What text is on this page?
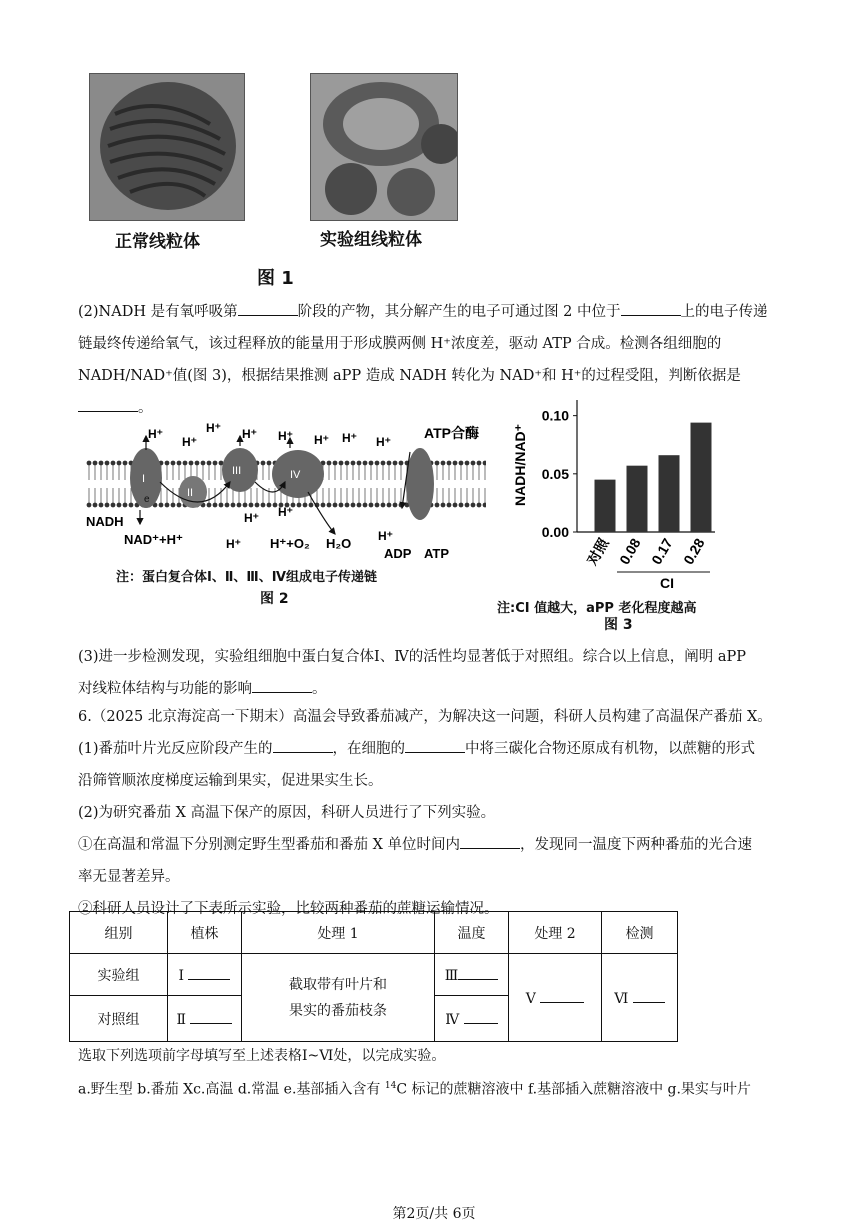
正常线粒体	实验组线粒体
图 1
(2)NADH 是有氧呼吸第	阶段的产物，其分解产生的电子可通过图 2 中位于	上的电子传递
链最终传递给氧气，该过程释放的能量用于形成膜两侧 H⁺浓度差，驱动 ATP 合成。检测各组细胞的
NADH/NAD⁺值(图 3)，根据结果推测 aPP 造成 NADH 转化为 NAD⁺和 H⁺的过程受阻，判断依据是。
I
II
III	IV
e
H⁺
H⁺
H⁺ H⁺ H⁺ H⁺ H⁺ H⁺
H⁺ H⁺
H⁺
H⁺
ATP合酶
NADH
NAD⁺+H⁺	H⁺+O₂ H₂O
ADP ATP
注：蛋白复合体Ⅰ、Ⅱ、Ⅲ、Ⅳ组成电子传递链
图 2
0.00
0.05
0.10
对照 0.08 0.17 0.28
NADH/NAD⁺
CI
注:CI 值越大，aPP 老化程度越高
图 3
(3)进一步检测发现，实验组细胞中蛋白复合体Ⅰ、Ⅳ的活性均显著低于对照组。综合以上信息，阐明 aPP
对线粒体结构与功能的影响	。
6.（2025 北京海淀高一下期末）高温会导致番茄减产，为解决这一问题，科研人员构建了高温保产番茄 X。
(1)番茄叶片光反应阶段产生的	，在细胞的	中将三碳化合物还原成有机物，以蔗糖的形式
沿筛管顺浓度梯度运输到果实，促进果实生长。
(2)为研究番茄 X 高温下保产的原因，科研人员进行了下列实验。
①在高温和常温下分别测定野生型番茄和番茄 X 单位时间内	，发现同一温度下两种番茄的光合速
率无显著差异。
②科研人员设计了下表所示实验，比较两种番茄的蔗糖运输情况。
组别	植株	处理 1	温度	处理 2	检测
实验组	Ⅰ	截取带有叶片和
果实的番茄枝条	Ⅲ	Ⅴ	Ⅵ
对照组	Ⅱ		Ⅳ		
选取下列选项前字母填写至上述表格Ⅰ~Ⅵ处，以完成实验。
a.野生型 b.番茄 Xc.高温 d.常温 e.基部插入含有 $^{14}$C 标记的蔗糖溶液中 f.基部插入蔗糖溶液中 g.果实与叶片
第2页/共 6页
